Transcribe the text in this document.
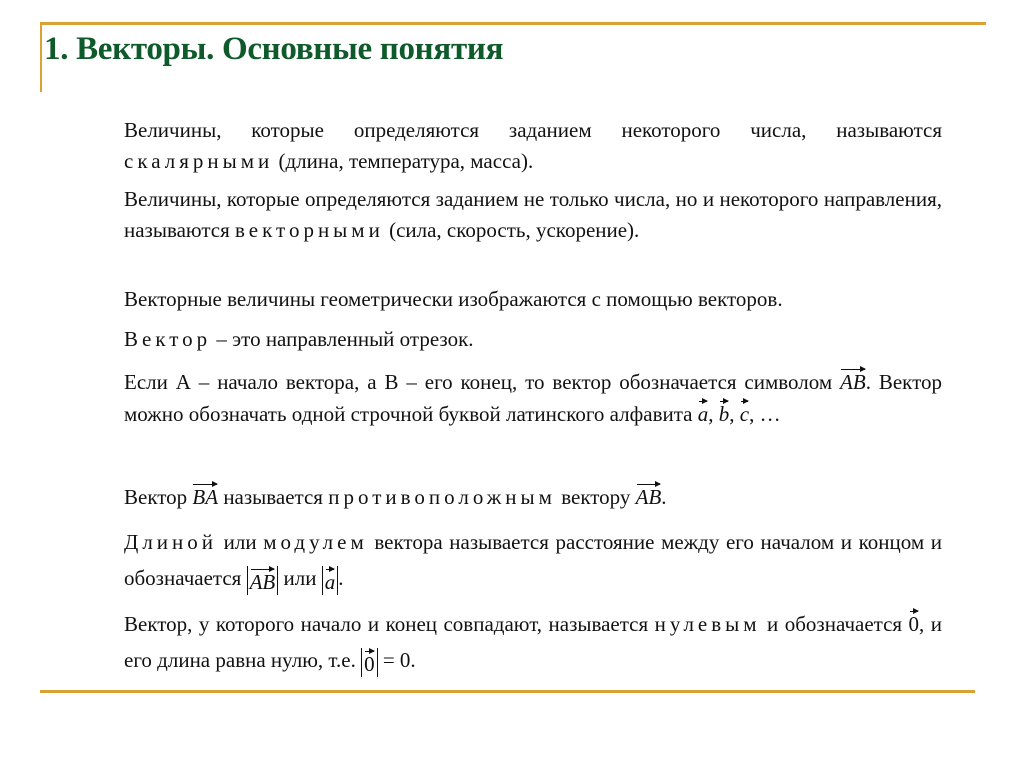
1. Векторы. Основные понятия
Величины, которые определяются заданием некоторого числа, называются скалярными (длина, температура, масса).
Величины, которые определяются заданием не только числа, но и некоторого направления, называются векторными (сила, скорость, ускорение).
Векторные величины геометрически изображаются с помощью векторов.
Вектор – это направленный отрезок.
Если А – начало вектора, а В – его конец, то вектор обозначается символом AB. Вектор можно обозначать одной строчной буквой латинского алфавита a, b, c, …
Вектор BA называется противоположным вектору AB.
Длиной или модулем вектора называется расстояние между его началом и концом и обозначается AB или a .
Вектор, у которого начало и конец совпадают, называется нулевым и обозначается 0, и его длина равна нулю, т.е. 0 = 0.
